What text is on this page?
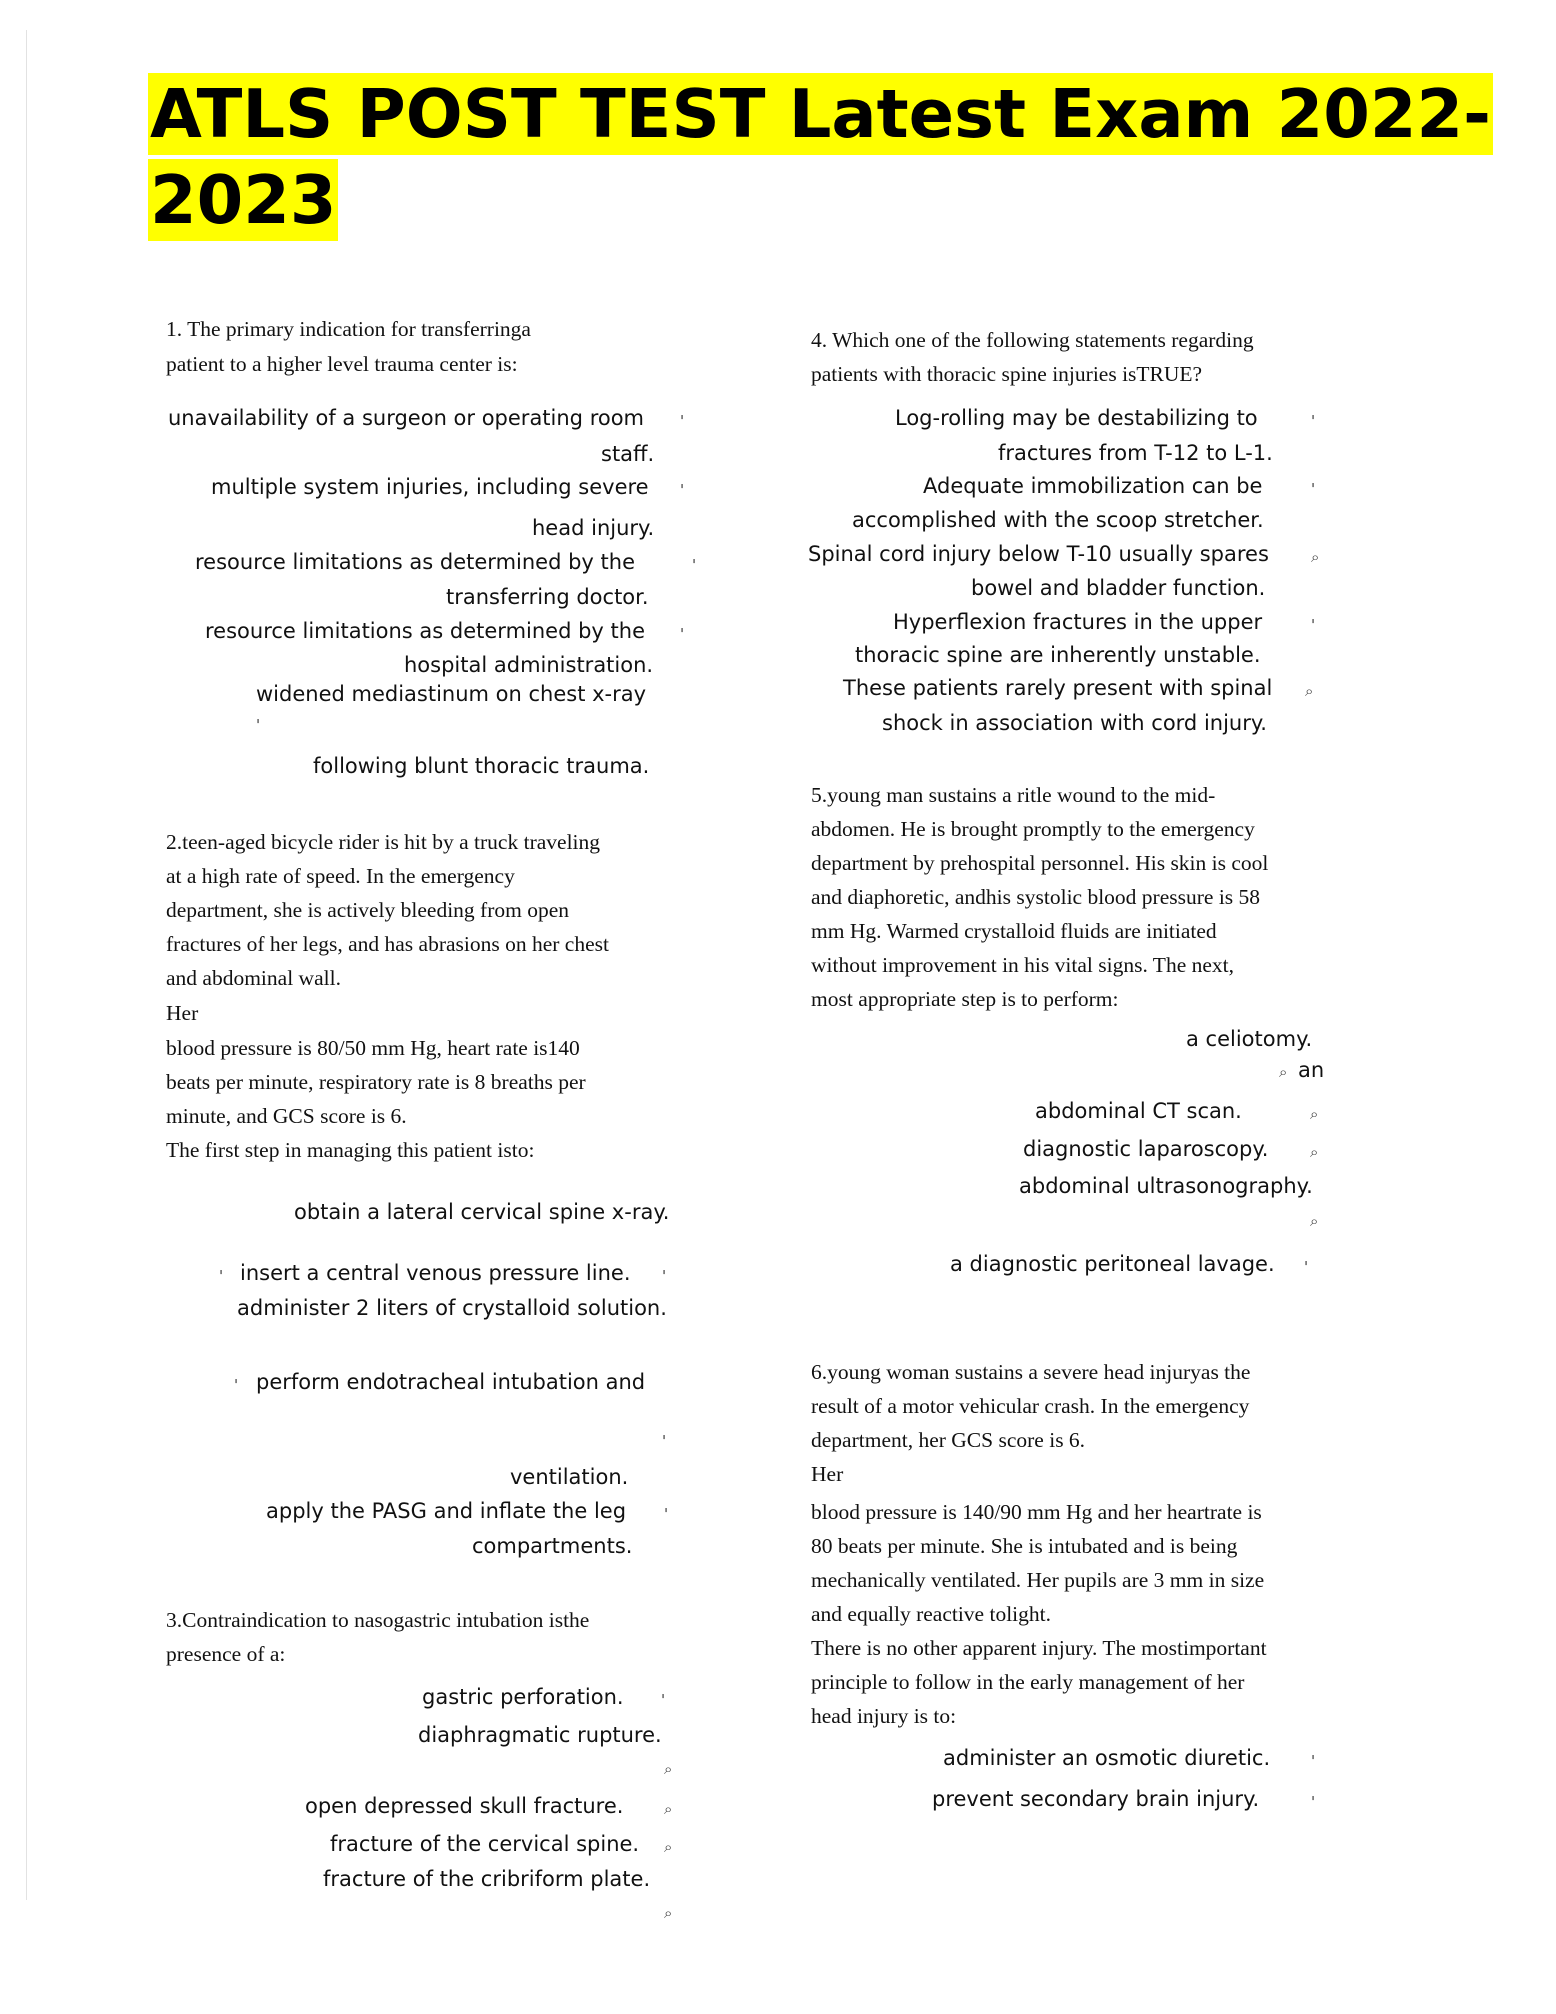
ATLS POST TEST Latest Exam 2022-
2023
1. The primary indication for transferringa
patient to a higher level trauma center is:
unavailability of a surgeon or operating room ꞌ
staff.
multiple system injuries, including severe ꞌ
head injury.
resource limitations as determined by the	ꞌ
transferring doctor.
resource limitations as determined by the ꞌ
hospital administration.
widened mediastinum on chest x-ray
ꞌ
following blunt thoracic trauma.
2.teen-aged bicycle rider is hit by a truck traveling
at a high rate of speed. In the emergency
department, she is actively bleeding from open
fractures of her legs, and has abrasions on her chest
and abdominal wall.
Her
blood pressure is 80/50 mm Hg, heart rate is140
beats per minute, respiratory rate is 8 breaths per
minute, and GCS score is 6.
The first step in managing this patient isto:
obtain a lateral cervical spine x-ray.
ꞌ insert a central venous pressure line. ꞌ
administer 2 liters of crystalloid solution.
ꞌ perform endotracheal intubation and
ꞌ
ventilation.
apply the PASG and inflate the leg	ꞌ
compartments.
3.Contraindication to nasogastric intubation isthe
presence of a:
gastric perforation. ꞌ
diaphragmatic rupture.
⌕
open depressed skull fracture.	⌕
fracture of the cervical spine. ⌕
fracture of the cribriform plate.
⌕
4. Which one of the following statements regarding
patients with thoracic spine injuries isTRUE?
Log-rolling may be destabilizing to	ꞌ
fractures from T-12 to L-1.
Adequate immobilization can be	ꞌ
accomplished with the scoop stretcher.
Spinal cord injury below T-10 usually spares	⌕
bowel and bladder function.
Hyperflexion fractures in the upper	ꞌ
thoracic spine are inherently unstable.
These patients rarely present with spinal ⌕
shock in association with cord injury.
5.young man sustains a ritle wound to the mid-
abdomen. He is brought promptly to the emergency
department by prehospital personnel. His skin is cool
and diaphoretic, andhis systolic blood pressure is 58
mm Hg. Warmed crystalloid fluids are initiated
without improvement in his vital signs. The next,
most appropriate step is to perform:
a celiotomy.
⌕ an
abdominal CT scan.	⌕
diagnostic laparoscopy.	⌕
abdominal ultrasonography.
⌕
a diagnostic peritoneal lavage. ꞌ
6.young woman sustains a severe head injuryas the
result of a motor vehicular crash. In the emergency
department, her GCS score is 6.
Her
blood pressure is 140/90 mm Hg and her heartrate is
80 beats per minute. She is intubated and is being
mechanically ventilated. Her pupils are 3 mm in size
and equally reactive tolight.
There is no other apparent injury. The mostimportant
principle to follow in the early management of her
head injury is to:
administer an osmotic diuretic.	ꞌ
prevent secondary brain injury.	ꞌ
